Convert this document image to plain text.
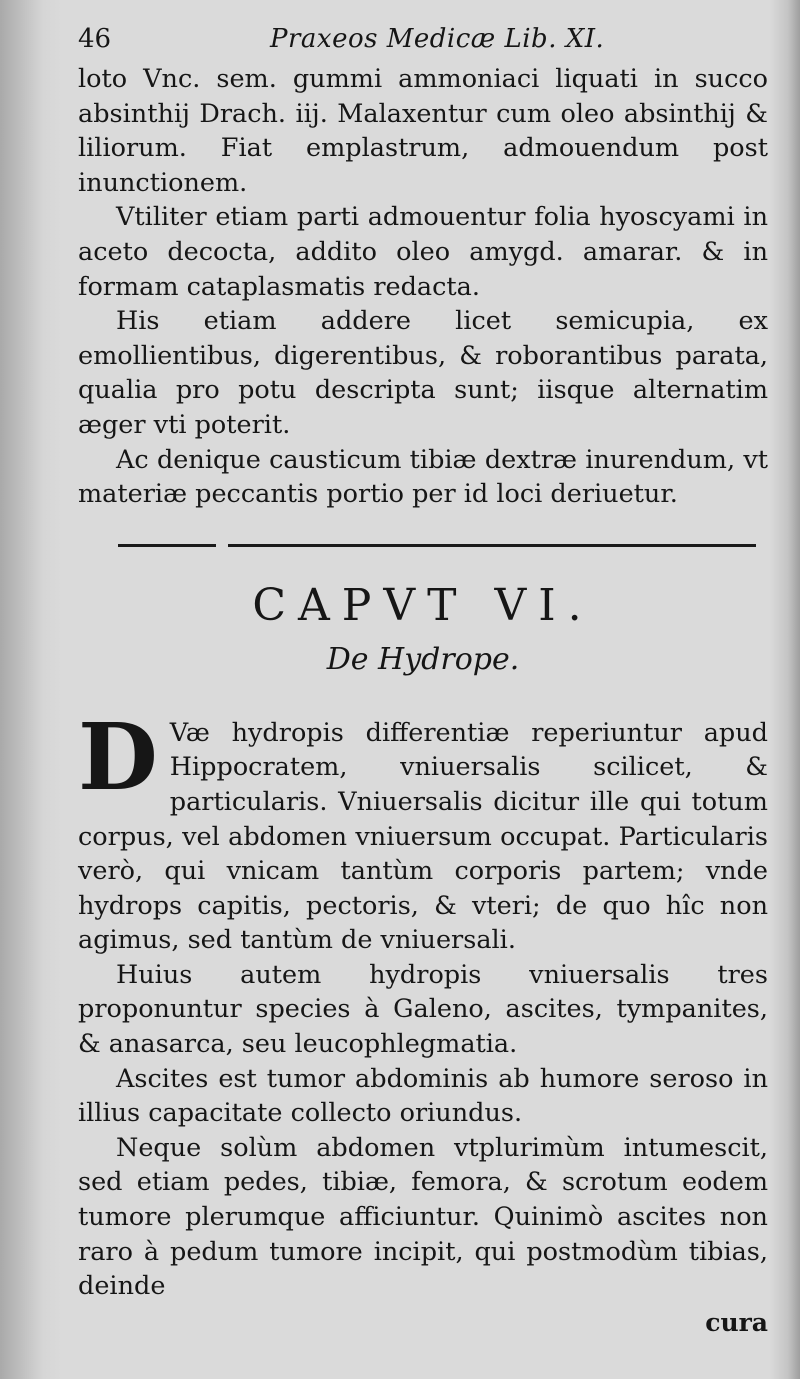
46	Praxeos Medicæ Lib. XI.

loto Vnc. sem. gummi ammoniaci liquati in succo absinthij Drach. iij. Malaxentur cum oleo absinthij & liliorum. Fiat emplastrum, admouendum post inunctionem.

Vtiliter etiam parti admouentur folia hyoscyami in aceto decocta, addito oleo amygd. amarar. & in formam cataplasmatis redacta.

His etiam addere licet semicupia, ex emollientibus, digerentibus, & roborantibus parata, qualia pro potu descripta sunt; iisque alternatim æger vti poterit.

Ac denique causticum tibiæ dextræ inurendum, vt materiæ peccantis portio per id loci deriuetur.

CAPVT VI.
De Hydrope.
D Væ hydropis differentiæ reperiuntur apud Hippocratem, vniuersalis scilicet, & particularis. Vniuersalis dicitur ille qui totum corpus, vel abdomen vniuersum occupat. Particularis verò, qui vnicam tantùm corporis partem; vnde hydrops capitis, pectoris, & vteri; de quo hîc non agimus, sed tantùm de vniuersali.

Huius autem hydropis vniuersalis tres proponuntur species à Galeno, ascites, tympanites, & anasarca, seu leucophlegmatia.

Ascites est tumor abdominis ab humore seroso in illius capacitate collecto oriundus.

Neque solùm abdomen vtplurimùm intumescit, sed etiam pedes, tibiæ, femora, & scrotum eodem tumore plerumque afficiuntur. Quinimò ascites non raro à pedum tumore incipit, qui postmodùm tibias, deinde

cura
